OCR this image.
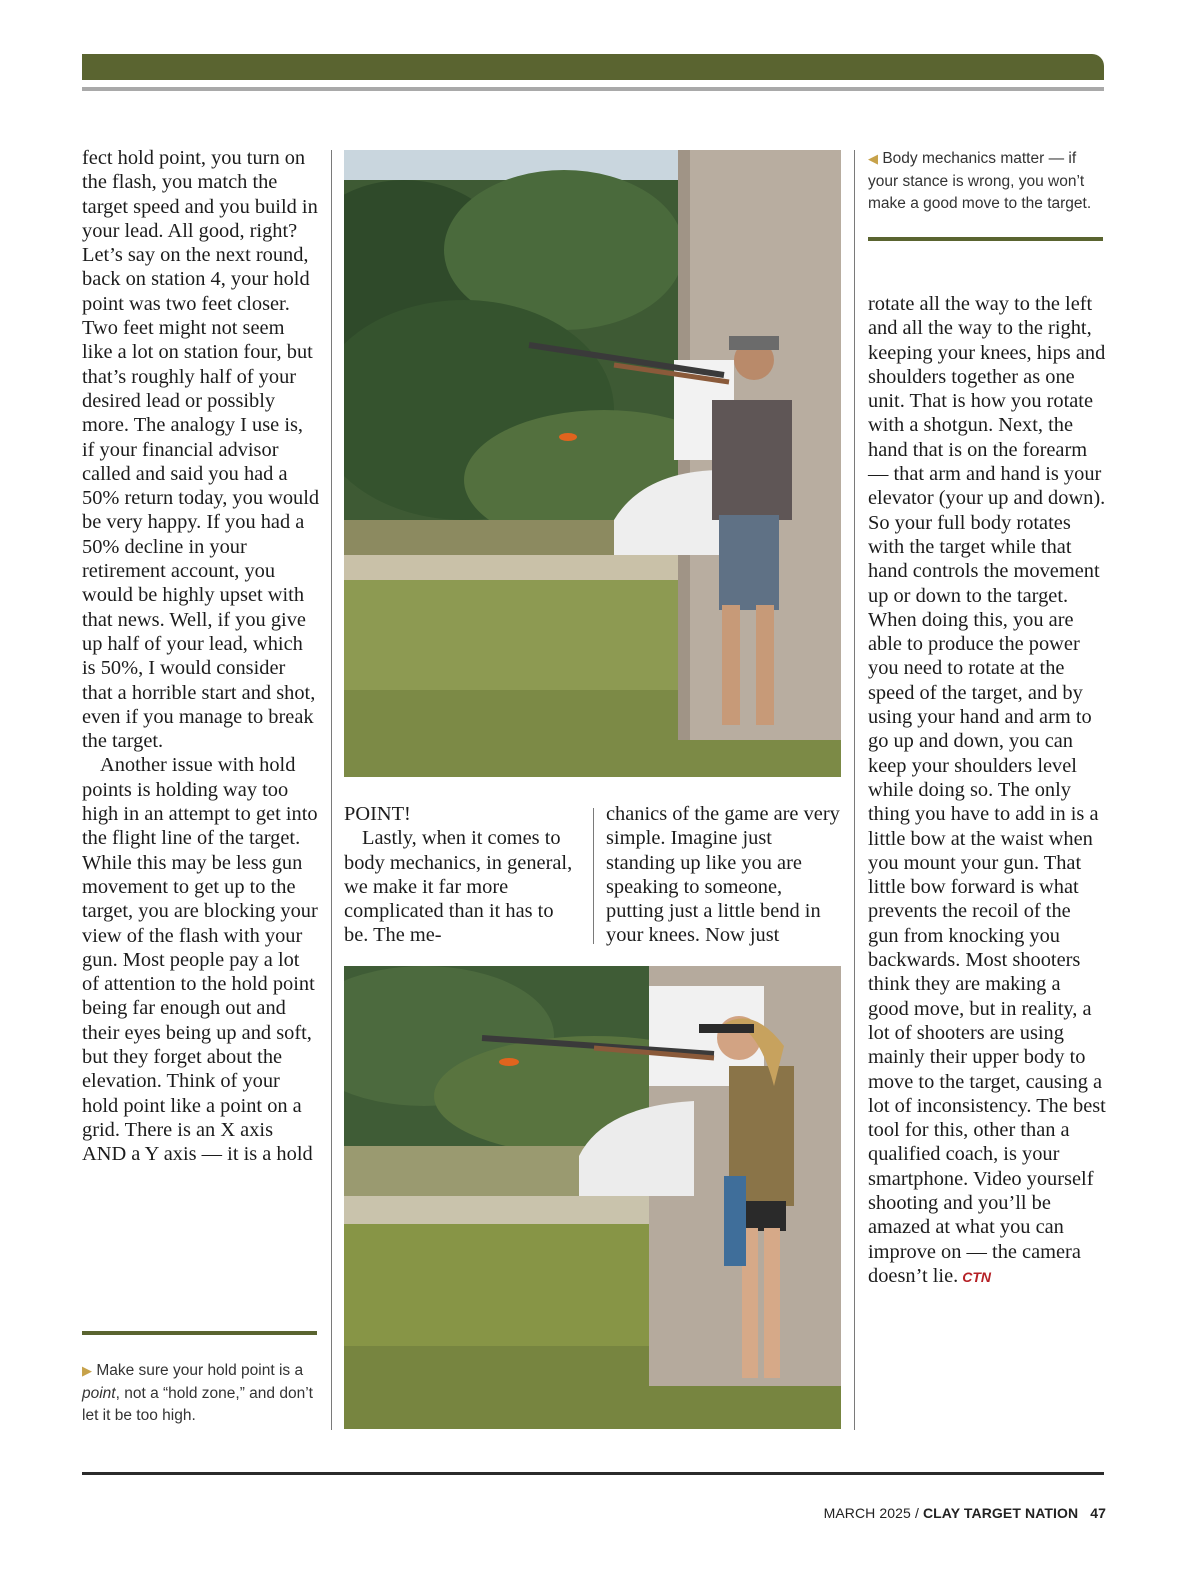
fect hold point, you turn on the flash, you match the target speed and you build in your lead. All good, right? Let’s say on the next round, back on station 4, your hold point was two feet closer. Two feet might not seem like a lot on station four, but that’s roughly half of your desired lead or possibly more. The analogy I use is, if your financial advisor called and said you had a 50% return today, you would be very happy. If you had a 50% decline in your retirement account, you would be highly upset with that news. Well, if you give up half of your lead, which is 50%, I would consider that a horrible start and shot, even if you manage to break the target.

Another issue with hold points is holding way too high in an attempt to get into the flight line of the target. While this may be less gun movement to get up to the target, you are blocking your view of the flash with your gun. Most people pay a lot of attention to the hold point being far enough out and their eyes being up and soft, but they forget about the elevation. Think of your hold point like a point on a grid. There is an X axis AND a Y axis — it is a hold

▶ Make sure your hold point is a point, not a “hold zone,” and don’t let it be too high.

POINT!

Lastly, when it comes to body mechanics, in general, we make it far more complicated than it has to be. The me-

chanics of the game are very simple. Imagine just standing up like you are speaking to someone, putting just a little bend in your knees. Now just

◀ Body mechanics matter — if your stance is wrong, you won’t make a good move to the target.

rotate all the way to the left and all the way to the right, keeping your knees, hips and shoulders together as one unit. That is how you rotate with a shotgun. Next, the hand that is on the forearm — that arm and hand is your elevator (your up and down). So your full body rotates with the target while that hand controls the movement up or down to the target. When doing this, you are able to produce the power you need to rotate at the speed of the target, and by using your hand and arm to go up and down, you can keep your shoulders level while doing so. The only thing you have to add in is a little bow at the waist when you mount your gun. That little bow forward is what prevents the recoil of the gun from knocking you backwards. Most shooters think they are making a good move, but in reality, a lot of shooters are using mainly their upper body to move to the target, causing a lot of inconsistency. The best tool for this, other than a qualified coach, is your smartphone. Video yourself shooting and you’ll be amazed at what you can improve on — the camera doesn’t lie. CTN

MARCH 2025 / CLAY TARGET NATION 47
